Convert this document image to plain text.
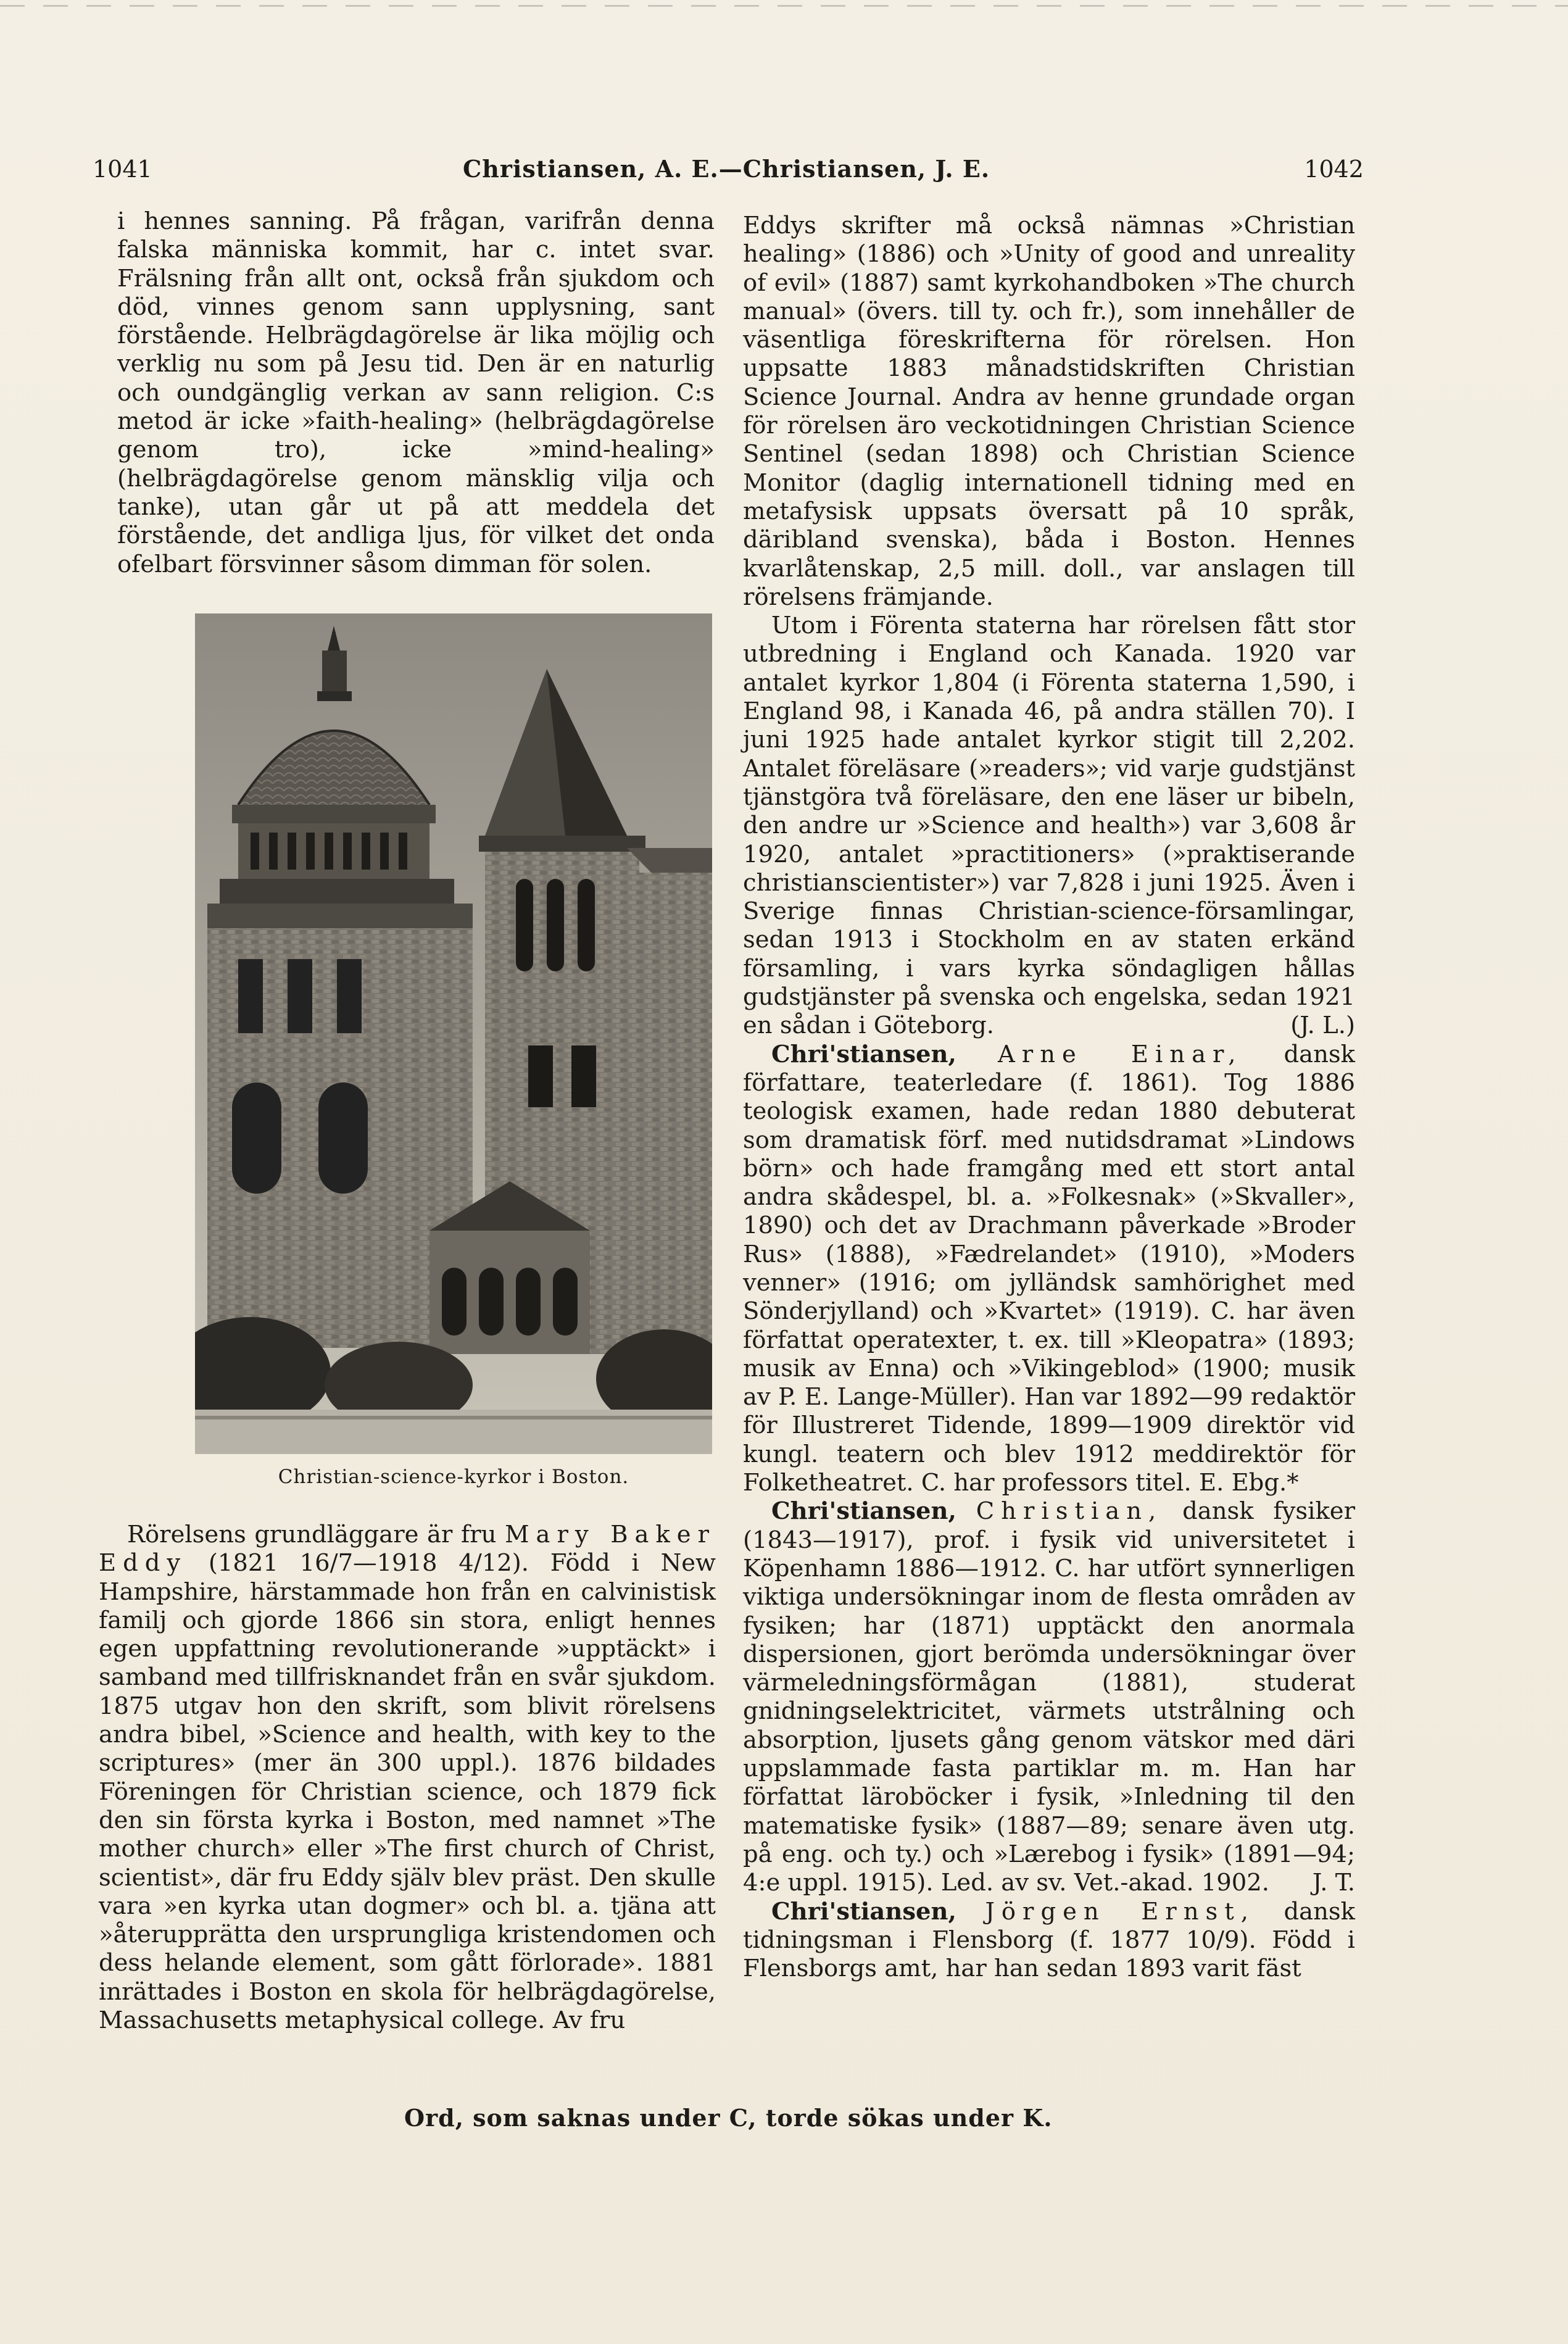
1041	Christiansen, A. E.—Christiansen, J. E.	1042

i hennes sanning. På frågan, varifrån denna falska människa kommit, har c. intet svar. Frälsning från allt ont, också från sjukdom och död, vinnes genom sann upplysning, sant förstående. Helbrägdagörelse är lika möjlig och verklig nu som på Jesu tid. Den är en naturlig och oundgänglig verkan av sann religion. C:s metod är icke »faith-healing» (helbrägdagörelse genom tro), icke »mind-healing» (helbrägdagörelse genom mänsklig vilja och tanke), utan går ut på att meddela det förstående, det andliga ljus, för vilket det onda ofelbart försvinner såsom dimman för solen.

Christian-science-kyrkor i Boston.

Rörelsens grundläggare är fru Mary Baker Eddy (1821 16/7—1918 4/12). Född i New Hampshire, härstammade hon från en calvinistisk familj och gjorde 1866 sin stora, enligt hennes egen uppfattning revolutionerande »upptäckt» i samband med tillfrisknandet från en svår sjukdom. 1875 utgav hon den skrift, som blivit rörelsens andra bibel, »Science and health, with key to the scriptures» (mer än 300 uppl.). 1876 bildades Föreningen för Christian science, och 1879 fick den sin första kyrka i Boston, med namnet »The mother church» eller »The first church of Christ, scientist», där fru Eddy själv blev präst. Den skulle vara »en kyrka utan dogmer» och bl. a. tjäna att »återupprätta den ursprungliga kristendomen och dess helande element, som gått förlorade». 1881 inrättades i Boston en skola för helbrägdagörelse, Massachusetts metaphysical college. Av fru

Eddys skrifter må också nämnas »Christian healing» (1886) och »Unity of good and unreality of evil» (1887) samt kyrkohandboken »The church manual» (övers. till ty. och fr.), som innehåller de väsentliga föreskrifterna för rörelsen. Hon uppsatte 1883 månadstidskriften Christian Science Journal. Andra av henne grundade organ för rörelsen äro veckotidningen Christian Science Sentinel (sedan 1898) och Christian Science Monitor (daglig internationell tidning med en metafysisk uppsats översatt på 10 språk, däribland svenska), båda i Boston. Hennes kvarlåtenskap, 2,5 mill. doll., var anslagen till rörelsens främjande.

Utom i Förenta staterna har rörelsen fått stor utbredning i England och Kanada. 1920 var antalet kyrkor 1,804 (i Förenta staterna 1,590, i England 98, i Kanada 46, på andra ställen 70). I juni 1925 hade antalet kyrkor stigit till 2,202. Antalet föreläsare (»readers»; vid varje gudstjänst tjänstgöra två föreläsare, den ene läser ur bibeln, den andre ur »Science and health») var 3,608 år 1920, antalet »practitioners» (»praktiserande christianscientister») var 7,828 i juni 1925. Även i Sverige finnas Christian-science-församlingar, sedan 1913 i Stockholm en av staten erkänd församling, i vars kyrka söndagligen hållas gudstjänster på svenska och engelska, sedan 1921 en sådan i Göteborg.	(J. L.)

Chri'stiansen, Arne Einar, dansk författare, teaterledare (f. 1861). Tog 1886 teologisk examen, hade redan 1880 debuterat som dramatisk förf. med nutidsdramat »Lindows börn» och hade framgång med ett stort antal andra skådespel, bl. a. »Folkesnak» (»Skvaller», 1890) och det av Drachmann påverkade »Broder Rus» (1888), »Fædrelandet» (1910), »Moders venner» (1916; om jylländsk samhörighet med Sönderjylland) och »Kvartet» (1919). C. har även författat operatexter, t. ex. till »Kleopatra» (1893; musik av Enna) och »Vikingeblod» (1900; musik av P. E. Lange-Müller). Han var 1892—99 redaktör för Illustreret Tidende, 1899—1909 direktör vid kungl. teatern och blev 1912 meddirektör för Folketheatret. C. har professors titel. E. Ebg.*

Chri'stiansen, Christian, dansk fysiker (1843—1917), prof. i fysik vid universitetet i Köpenhamn 1886—1912. C. har utfört synnerligen viktiga undersökningar inom de flesta områden av fysiken; har (1871) upptäckt den anormala dispersionen, gjort berömda undersökningar över värmeledningsförmågan (1881), studerat gnidningselektricitet, värmets utstrålning och absorption, ljusets gång genom vätskor med däri uppslammade fasta partiklar m. m. Han har författat läroböcker i fysik, »Inledning til den matematiske fysik» (1887—89; senare även utg. på eng. och ty.) och »Lærebog i fysik» (1891—94; 4:e uppl. 1915). Led. av sv. Vet.-akad. 1902.	J. T.

Chri'stiansen, Jörgen Ernst, dansk tidningsman i Flensborg (f. 1877 10/9). Född i Flensborgs amt, har han sedan 1893 varit fäst

Ord, som saknas under C, torde sökas under K.
